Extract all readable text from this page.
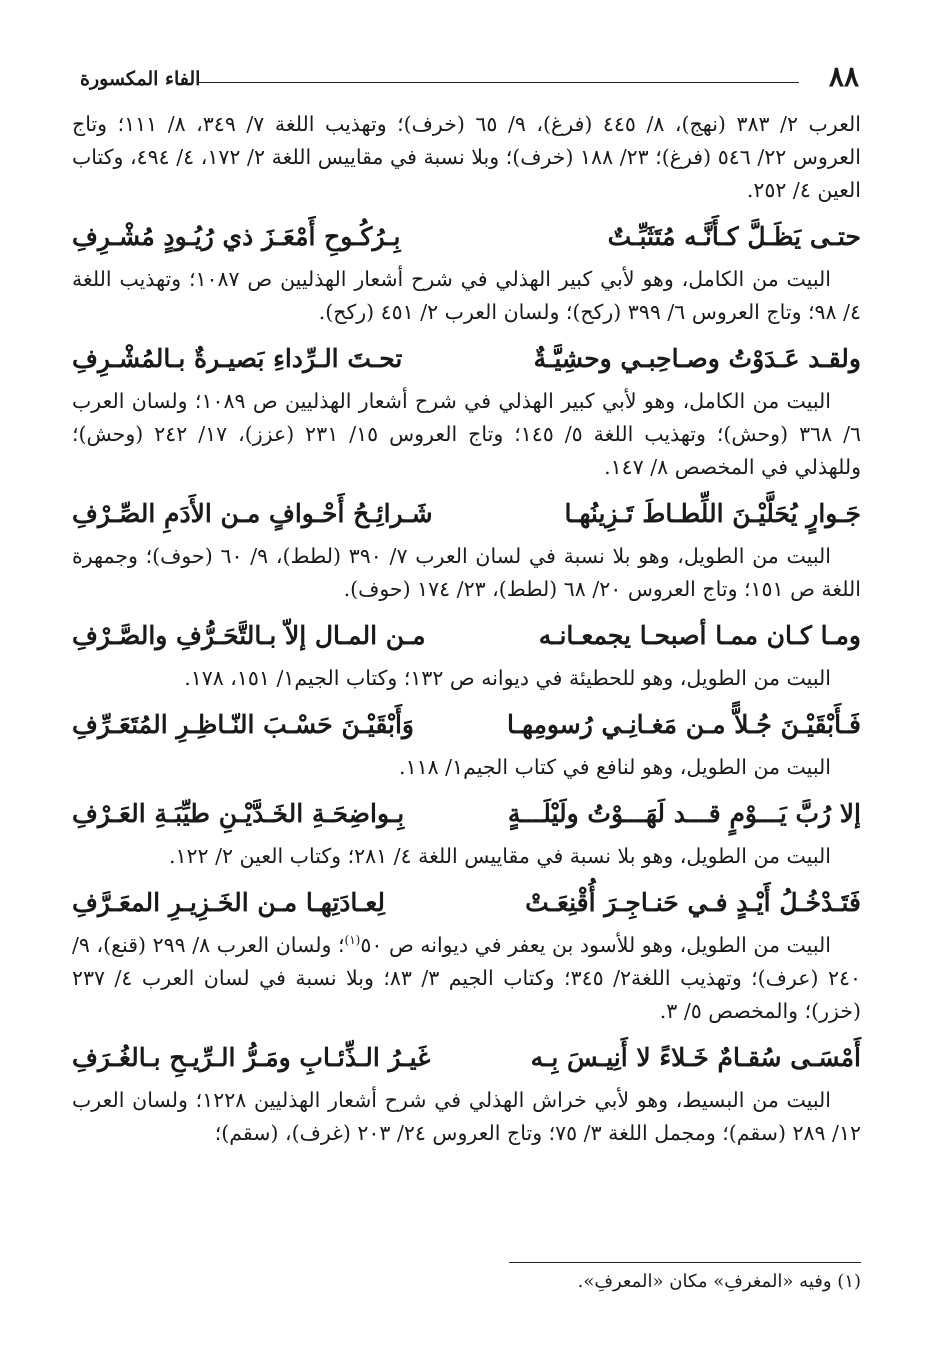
٨٨
الفاء المكسورة

العرب ٢/ ٣٨٣ (نهج)، ٨/ ٤٤٥ (فرغ)، ٩/ ٦٥ (خرف)؛ وتهذيب اللغة ٧/ ٣٤٩، ٨/ ١١١؛ وتاج العروس ٢٢/ ٥٤٦ (فرغ)؛ ٢٣/ ١٨٨ (خرف)؛ وبلا نسبة في مقاييس اللغة ٢/ ١٧٢، ٤/ ٤٩٤، وكتاب العين ٤/ ٢٥٢.

حتـى يَظَـلَّ كـأَنَّـه مُتَثَبِّـتٌ
بِـرُكُـوحِ أَمْعَـزَ ذي رُيُـودٍ مُشْـرِفِ

البيت من الكامل، وهو لأبي كبير الهذلي في شرح أشعار الهذليين ص ١٠٨٧؛ وتهذيب اللغة ٤/ ٩٨؛ وتاج العروس ٦/ ٣٩٩ (ركح)؛ ولسان العرب ٢/ ٤٥١ (ركح).

ولقـد عَـدَوْتُ وصـاحِبـي وحشِيَّـةٌ
تحـتَ الـرِّداءِ بَصيـرةٌ بـالمُشْـرِفِ

البيت من الكامل، وهو لأبي كبير الهذلي في شرح أشعار الهذليين ص ١٠٨٩؛ ولسان العرب ٦/ ٣٦٨ (وحش)؛ وتهذيب اللغة ٥/ ١٤٥؛ وتاج العروس ١٥/ ٢٣١ (عزز)، ١٧/ ٢٤٢ (وحش)؛ وللهذلي في المخصص ٨/ ١٤٧.

جَـوارٍ يُحَلَّيْـنَ اللِّطـاطَ تَـزِينُهـا
شَـرائِـحُ أَحْـوافٍ مـن الأَدَمِ الصِّـرْفِ

البيت من الطويل، وهو بلا نسبة في لسان العرب ٧/ ٣٩٠ (لطط)، ٩/ ٦٠ (حوف)؛ وجمهرة اللغة ص ١٥١؛ وتاج العروس ٢٠/ ٦٨ (لطط)، ٢٣/ ١٧٤ (حوف).

ومـا كـان ممـا أصبحـا يجمعـانـه
مـن المـال إلاّ بـالتَّحَـرُّفِ والصَّـرْفِ

البيت من الطويل، وهو للحطيئة في ديوانه ص ١٣٢؛ وكتاب الجيم١/ ١٥١، ١٧٨.

فَـأَبْقَيْـنَ جُـلاًّ مـن مَغـانِـي رُسومِهـا
وَأَبْقَيْـنَ حَسْـبَ النّـاظِـرِ المُتَعَـرِّفِ

البيت من الطويل، وهو لنافع في كتاب الجيم١/ ١١٨.

إلا رُبَّ يَـــوْمٍ قـــد لَهَـــوْتُ ولَيْلَـــةٍ
بِـواضِحَـةِ الخَـدَّيْـنِ طيِّبَـةِ العَـرْفِ

البيت من الطويل، وهو بلا نسبة في مقاييس اللغة ٤/ ٢٨١؛ وكتاب العين ٢/ ١٢٢.

فَتَـدْخُـلُ أَيْـدٍ فـي حَنـاجِـرَ أُقْنِعَـتْ
لِعـادَتِهـا مـن الخَـزِيـرِ المعَـرَّفِ

البيت من الطويل، وهو للأسود بن يعفر في ديوانه ص ٥٠$^{(١)}$؛ ولسان العرب ٨/ ٢٩٩ (قنع)، ٩/ ٢٤٠ (عرف)؛ وتهذيب اللغة٢/ ٣٤٥؛ وكتاب الجيم ٣/ ٨٣؛ وبلا نسبة في لسان العرب ٤/ ٢٣٧ (خزر)؛ والمخصص ٥/ ٣.

أَمْسَـى سُقـامٌ خَـلاءً لا أَنِيـسَ بِـه
غَيـرُ الـذِّئـابِ ومَـرُّ الـرِّيـحِ بـالغُـرَفِ

البيت من البسيط، وهو لأبي خراش الهذلي في شرح أشعار الهذليين ١٢٢٨؛ ولسان العرب ١٢/ ٢٨٩ (سقم)؛ ومجمل اللغة ٣/ ٧٥؛ وتاج العروس ٢٤/ ٢٠٣ (غرف)، (سقم)؛

(١) وفيه «المغرفِ» مكان «المعرفِ».
